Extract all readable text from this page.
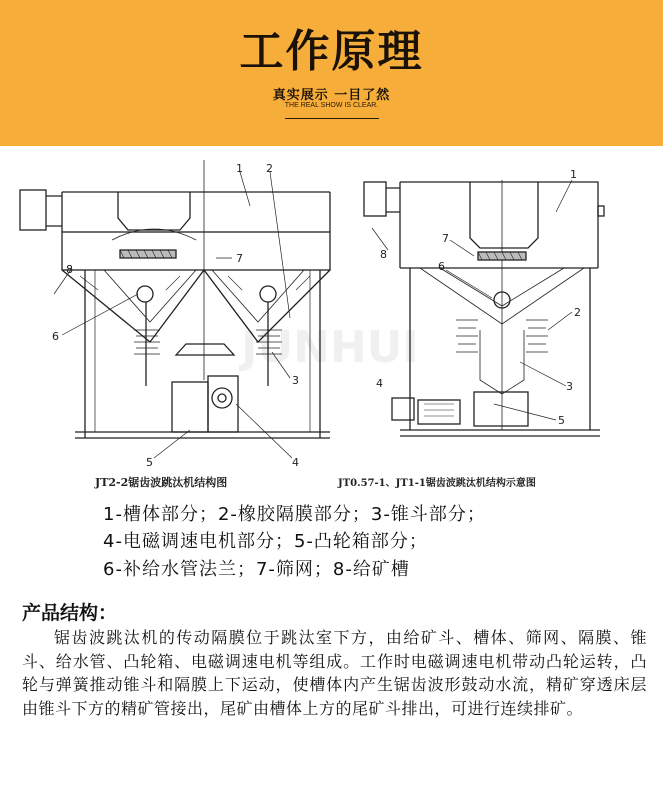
工作原理
真实展示 一目了然
THE REAL SHOW IS CLEAR.
JUNHUI
1 2
3
4
5
6
7
8
1
2
3
4
5
6
7
8
JT2-2锯齿波跳汰机结构图	JT0.57-1、JT1-1锯齿波跳汰机结构示意图
1-槽体部分；2-橡胶隔膜部分；3-锥斗部分；
4-电磁调速电机部分；5-凸轮箱部分；
6-补给水管法兰；7-筛网；8-给矿槽
产品结构：
锯齿波跳汰机的传动隔膜位于跳汰室下方，由给矿斗、槽体、筛网、隔膜、锥斗、给水管、凸轮箱、电磁调速电机等组成。工作时电磁调速电机带动凸轮运转，凸轮与弹簧推动锥斗和隔膜上下运动，使槽体内产生锯齿波形鼓动水流，精矿穿透床层由锥斗下方的精矿管接出，尾矿由槽体上方的尾矿斗排出，可进行连续排矿。
